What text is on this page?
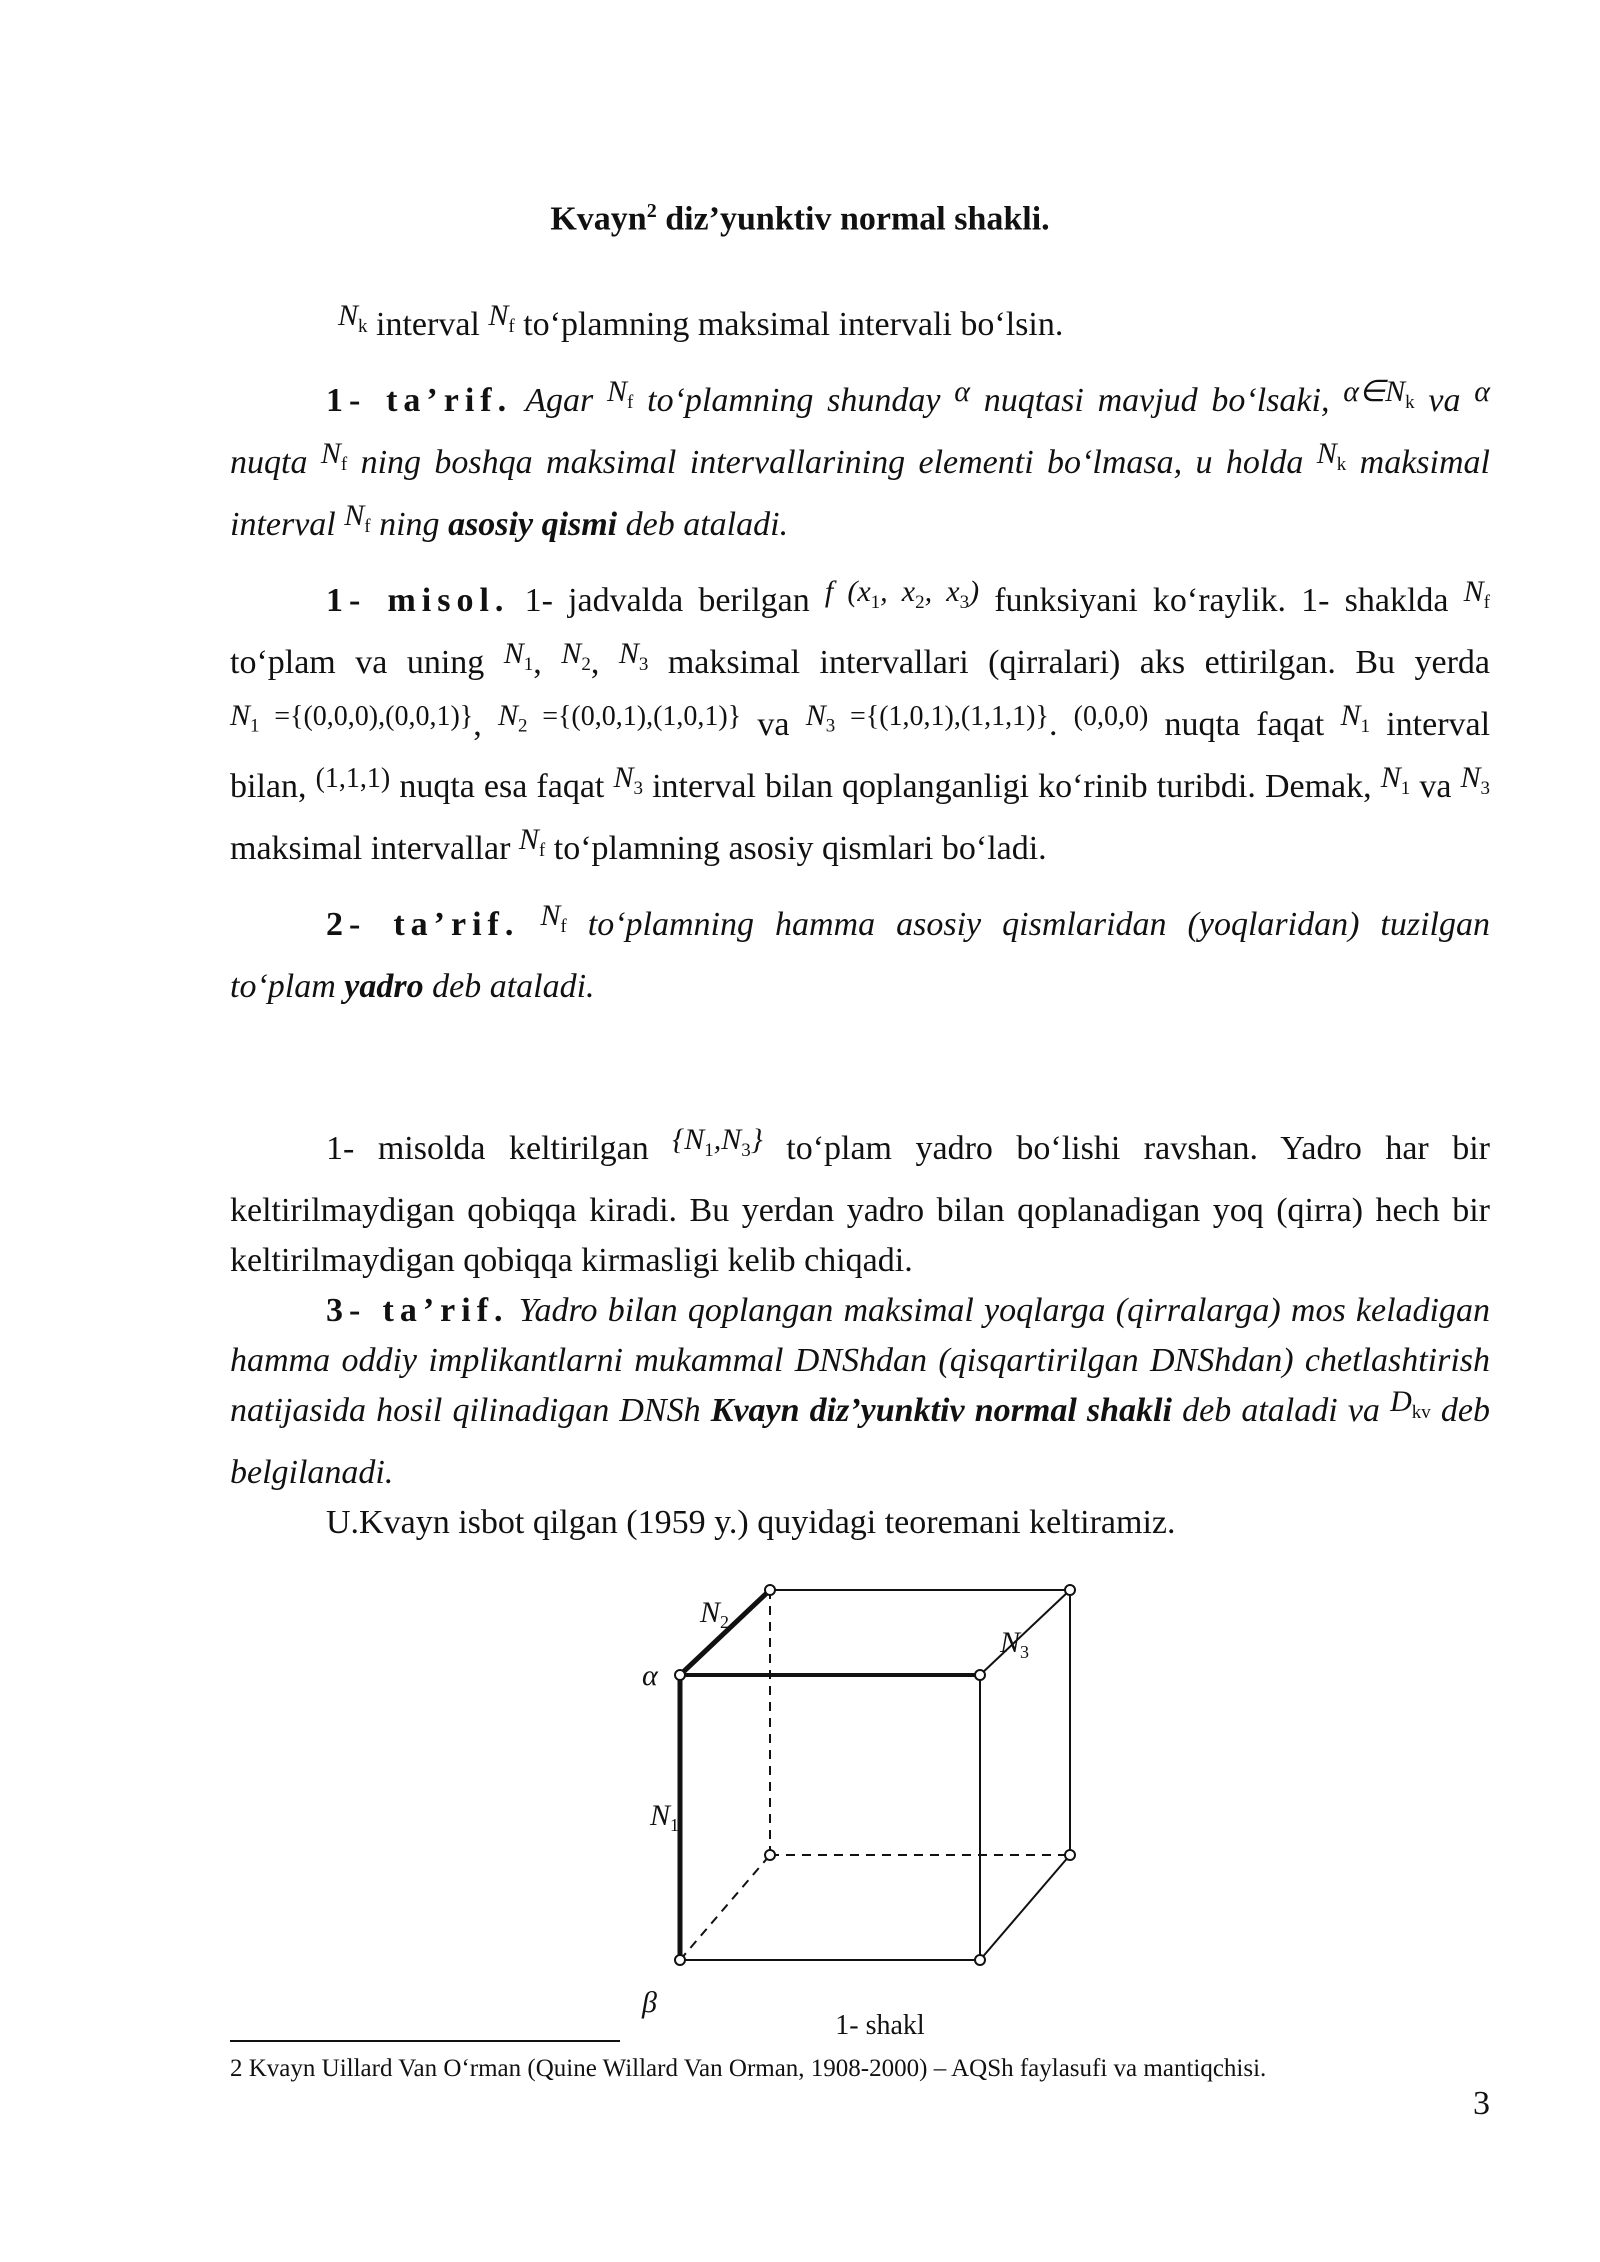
Kvayn$^2$ diz’yunktiv normal shakli.
$N_k$ interval $N_f$ to‘plamning maksimal intervali bo‘lsin.
1- ta’rif. Agar $N_f$ to‘plamning shunday α nuqtasi mavjud bo‘lsaki, $\alpha\in N_k$ va α nuqta $N_f$ ning boshqa maksimal intervallarining elementi bo‘lmasa, u holda $N_k$ maksimal interval $N_f$ ning asosiy qismi deb ataladi.
1- misol. 1- jadvalda berilgan f ($x_1$, $x_2$, $x_3$) funksiyani ko‘raylik. 1- shaklda $N_f$ to‘plam va uning $N_1$, $N_2$, $N_3$ maksimal intervallari (qirralari) aks ettirilgan. Bu yerda $^{N_1 =\{(0,0,0),(0,0,1)\}}$, $^{N_2 =\{(0,0,1),(1,0,1)\}}$ va $^{N_3 =\{(1,0,1),(1,1,1)\}}$. $^{(0,0,0)}$ nuqta faqat $N_1$ interval bilan, $^{(1,1,1)}$ nuqta esa faqat $N_3$ interval bilan qoplanganligi ko‘rinib turibdi. Demak, $N_1$ va $N_3$ maksimal intervallar $N_f$ to‘plamning asosiy qismlari bo‘ladi.
2- ta’rif. $N_f$ to‘plamning hamma asosiy qismlaridan (yoqlaridan) tuzilgan to‘plam yadro deb ataladi.
1- misolda keltirilgan $\{N_1,N_3\}$ to‘plam yadro bo‘lishi ravshan. Yadro har bir keltirilmaydigan qobiqqa kiradi. Bu yerdan yadro bilan qoplanadigan yoq (qirra) hech bir keltirilmaydigan qobiqqa kirmasligi kelib chiqadi.
3- ta’rif. Yadro bilan qoplangan maksimal yoqlarga (qirralarga) mos keladigan hamma oddiy implikantlarni mukammal DNShdan (qisqartirilgan DNShdan) chetlashtirish natijasida hosil qilinadigan DNSh Kvayn diz’yunktiv normal shakli deb ataladi va $D_{kv}$ deb belgilanadi.
U.Kvayn isbot qilgan (1959 y.) quyidagi teoremani keltiramiz.
α
β
$N_1$
$N_2$
$N_3$
1- shakl
2 Kvayn Uillard Van O‘rman (Quine Willard Van Orman, 1908-2000) – AQSh faylasufi va mantiqchisi.
3
